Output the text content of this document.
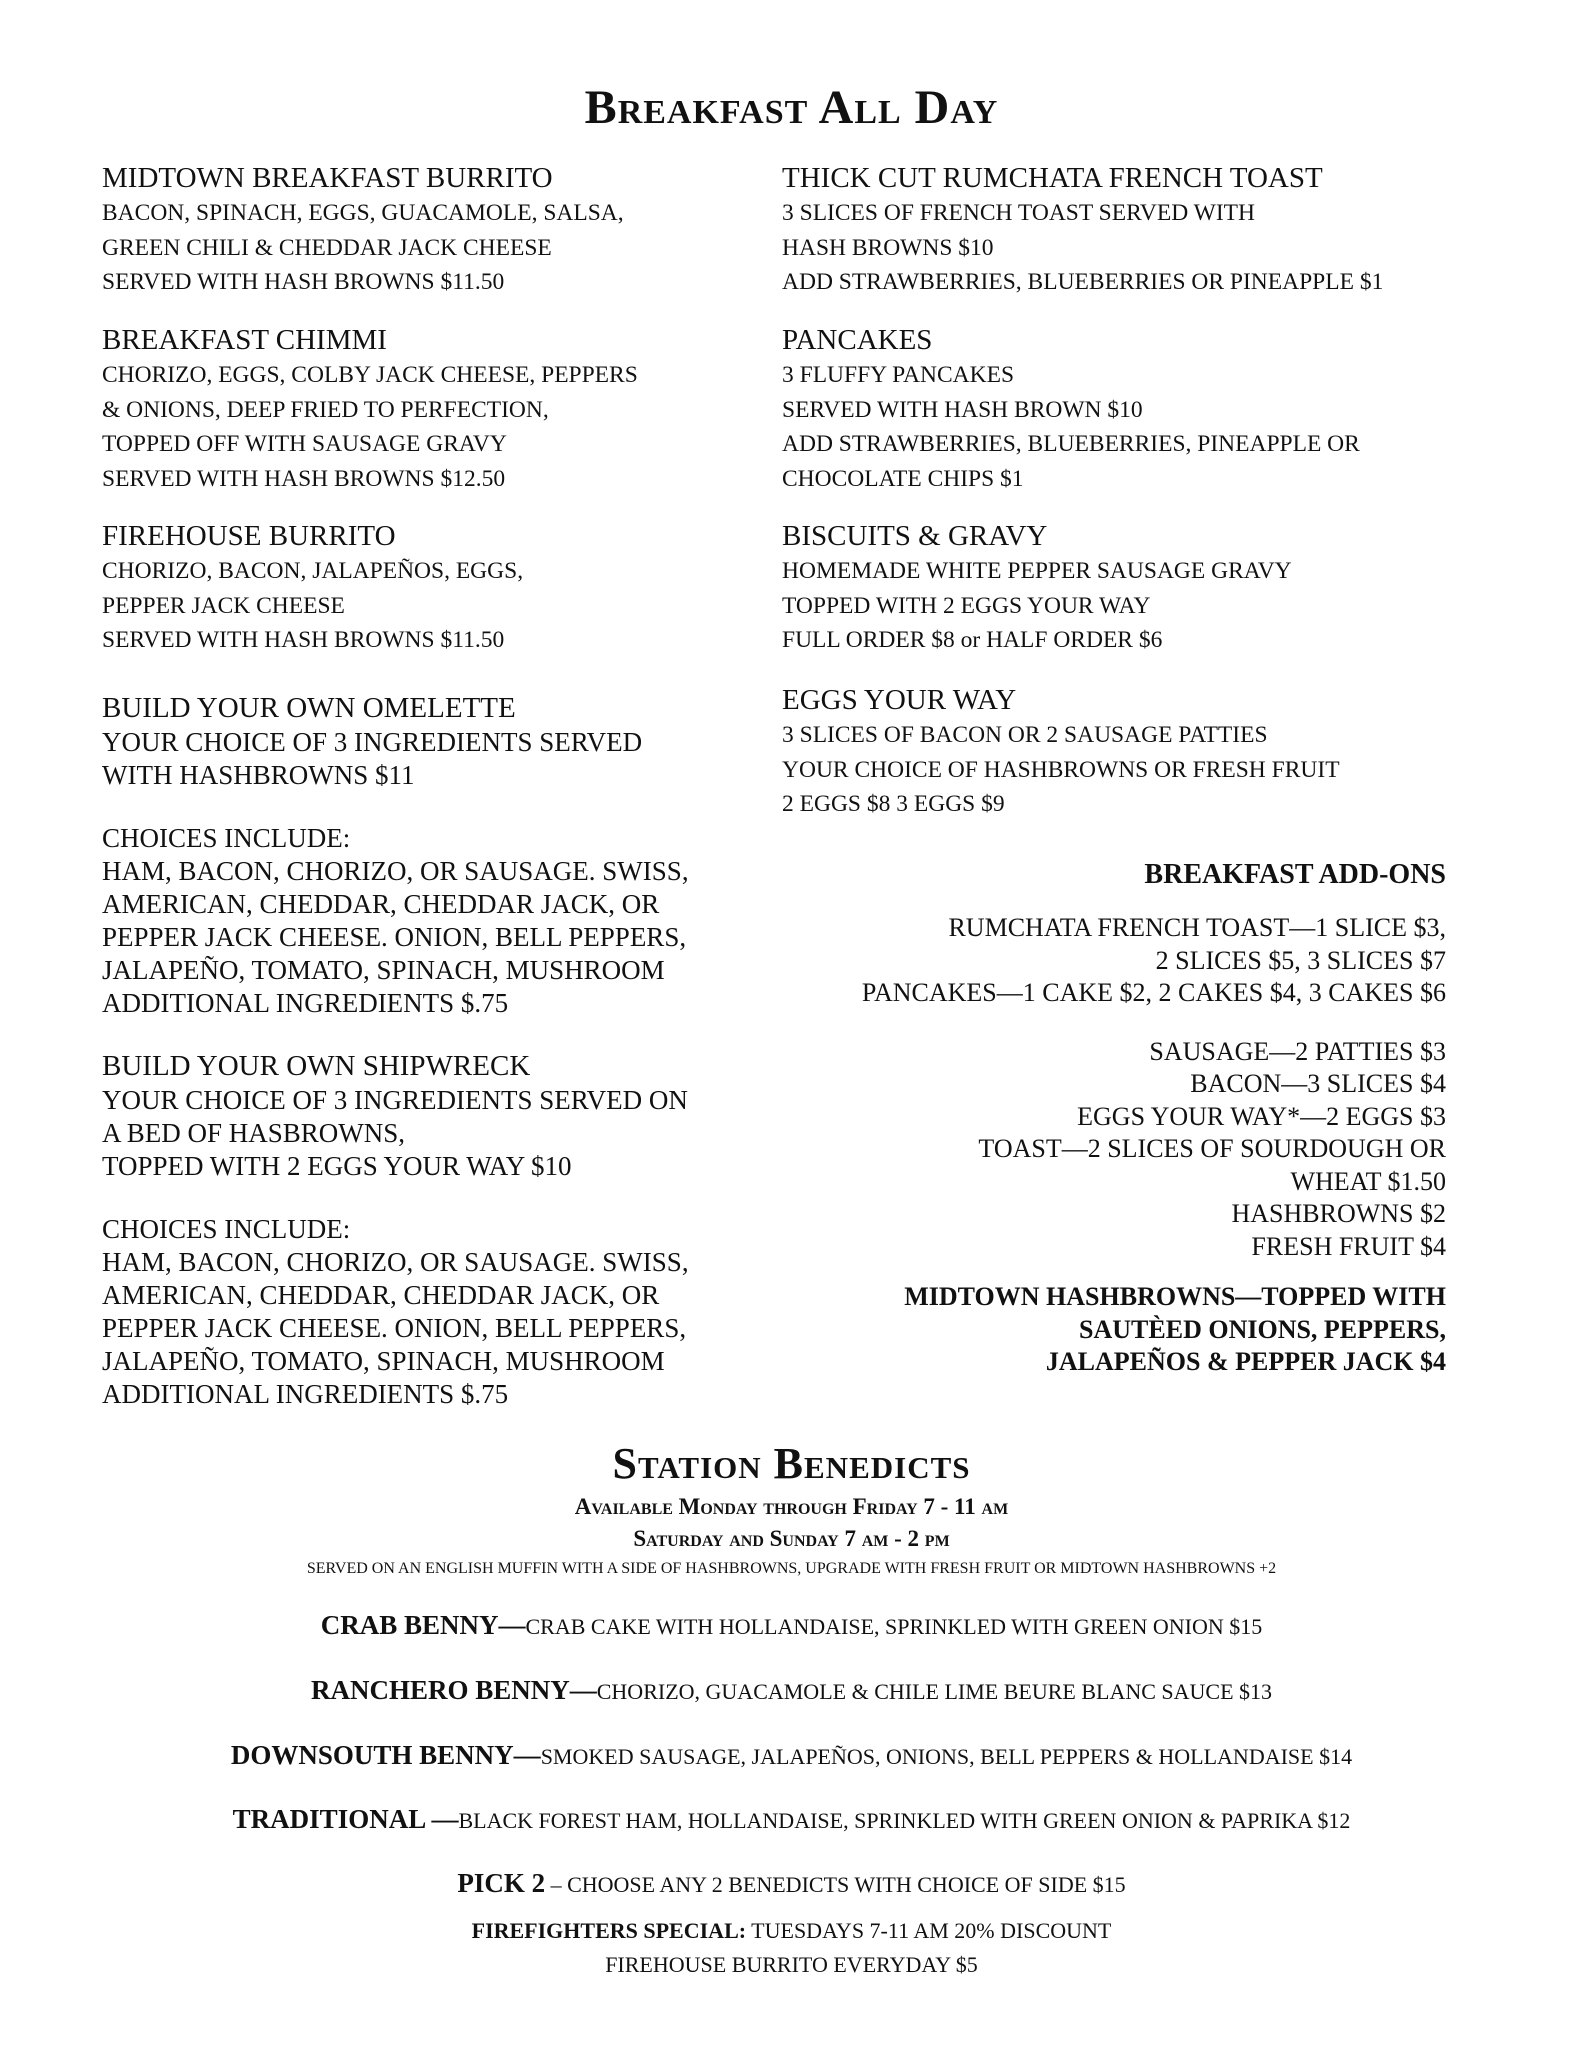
Breakfast All Day
MIDTOWN BREAKFAST BURRITO
BACON, SPINACH, EGGS, GUACAMOLE, SALSA,
GREEN CHILI & CHEDDAR JACK CHEESE
SERVED WITH HASH BROWNS $11.50
BREAKFAST CHIMMI
CHORIZO, EGGS, COLBY JACK CHEESE, PEPPERS
& ONIONS, DEEP FRIED TO PERFECTION,
TOPPED OFF WITH SAUSAGE GRAVY
SERVED WITH HASH BROWNS $12.50
FIREHOUSE BURRITO
CHORIZO, BACON, JALAPEÑOS, EGGS,
PEPPER JACK CHEESE
SERVED WITH HASH BROWNS $11.50
BUILD YOUR OWN OMELETTE
YOUR CHOICE OF 3 INGREDIENTS SERVED
WITH HASHBROWNS $11
CHOICES INCLUDE:
HAM, BACON, CHORIZO, OR SAUSAGE. SWISS,
AMERICAN, CHEDDAR, CHEDDAR JACK, OR
PEPPER JACK CHEESE. ONION, BELL PEPPERS,
JALAPEÑO, TOMATO, SPINACH, MUSHROOM
ADDITIONAL INGREDIENTS $.75
BUILD YOUR OWN SHIPWRECK
YOUR CHOICE OF 3 INGREDIENTS SERVED ON
A BED OF HASBROWNS,
TOPPED WITH 2 EGGS YOUR WAY $10
CHOICES INCLUDE:
HAM, BACON, CHORIZO, OR SAUSAGE. SWISS,
AMERICAN, CHEDDAR, CHEDDAR JACK, OR
PEPPER JACK CHEESE. ONION, BELL PEPPERS,
JALAPEÑO, TOMATO, SPINACH, MUSHROOM
ADDITIONAL INGREDIENTS $.75
THICK CUT RUMCHATA FRENCH TOAST
3 SLICES OF FRENCH TOAST SERVED WITH
HASH BROWNS $10
ADD STRAWBERRIES, BLUEBERRIES OR PINEAPPLE $1
PANCAKES
3 FLUFFY PANCAKES
SERVED WITH HASH BROWN $10
ADD STRAWBERRIES, BLUEBERRIES, PINEAPPLE OR
CHOCOLATE CHIPS $1
BISCUITS & GRAVY
HOMEMADE WHITE PEPPER SAUSAGE GRAVY
TOPPED WITH 2 EGGS YOUR WAY
FULL ORDER $8 or HALF ORDER $6
EGGS YOUR WAY
3 SLICES OF BACON OR 2 SAUSAGE PATTIES
YOUR CHOICE OF HASHBROWNS OR FRESH FRUIT
2 EGGS $8 3 EGGS $9
BREAKFAST ADD-ONS
RUMCHATA FRENCH TOAST—1 SLICE $3,
2 SLICES $5, 3 SLICES $7
PANCAKES—1 CAKE $2, 2 CAKES $4, 3 CAKES $6
SAUSAGE—2 PATTIES $3
BACON—3 SLICES $4
EGGS YOUR WAY*—2 EGGS $3
TOAST—2 SLICES OF SOURDOUGH OR
WHEAT $1.50
HASHBROWNS $2
FRESH FRUIT $4
MIDTOWN HASHBROWNS—TOPPED WITH
SAUTÈED ONIONS, PEPPERS,
JALAPEÑOS & PEPPER JACK $4
Station Benedicts
Available Monday through Friday 7 - 11 am
Saturday and Sunday 7 am - 2 pm
SERVED ON AN ENGLISH MUFFIN WITH A SIDE OF HASHBROWNS, UPGRADE WITH FRESH FRUIT OR MIDTOWN HASHBROWNS +2
CRAB BENNY—CRAB CAKE WITH HOLLANDAISE, SPRINKLED WITH GREEN ONION $15
RANCHERO BENNY—CHORIZO, GUACAMOLE & CHILE LIME BEURE BLANC SAUCE $13
DOWNSOUTH BENNY—SMOKED SAUSAGE, JALAPEÑOS, ONIONS, BELL PEPPERS & HOLLANDAISE $14
TRADITIONAL —BLACK FOREST HAM, HOLLANDAISE, SPRINKLED WITH GREEN ONION & PAPRIKA $12
PICK 2 – CHOOSE ANY 2 BENEDICTS WITH CHOICE OF SIDE $15
FIREFIGHTERS SPECIAL: TUESDAYS 7-11 AM 20% DISCOUNT
FIREHOUSE BURRITO EVERYDAY $5
